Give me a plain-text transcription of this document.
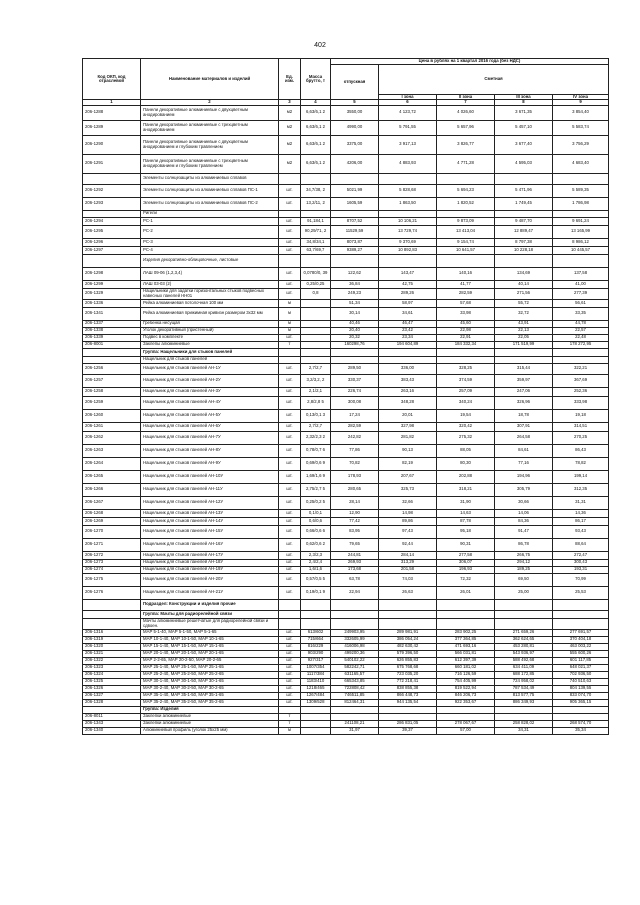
402
Код ОКП, код отраслевой	Наименование материалов и изделий	Ед. изм.	Масса брутто, т	Цена в рублях на 1 квартал 2016 года (без НДС)				
				отпускная	Сметная			
					I зона	II зона	III зона	IV зона
1	2	3	4	5	6	7	8	9
206-1288	Панели декоративные алюминиевые с двухцветным анодированием	м2	6,63/6,1 2	3550,00	4 123,72	4 026,60	3 671,35	3 854,40
206-1289	Панели декоративные алюминиевые с трехцветным анодированием	м2	6,63/6,1 2	4990,00	5 791,55	5 657,96	5 457,10	5 583,74
206-1290	Панели декоративные алюминиевые с двухцветным анодированием и глубоким травлением	м2	6,63/6,1 2	3375,00	3 917,13	3 826,77	3 677,40	3 756,29
206-1291	Панели декоративные алюминиевые с трехцветным анодированием и глубоким травлением	м2	6,63/6,1 2	4206,00	4 883,93	4 771,28	4 595,03	4 683,40
	Элементы солнцезащиты из алюминиевых сплавов							
206-1292	Элементы солнцезащиты из алюминиевых сплавов ПС-1	шт.	34,7/38, 2	5021,99	5 828,68	5 694,23	5 471,96	5 589,35
206-1293	Элементы солнцезащиты из алюминиевых сплавов ПС-2	шт.	13,2/11, 2	1605,59	1 863,50	1 820,52	1 749,45	1 786,98
	Ригели							
206-1294	РС-1	шт.	91,184,1	8707,52	10 106,21	9 873,09	9 487,70	9 691,24
206-1295	РС-2	шт.	90,29/71, 2	11529,59	13 729,74	13 413,04	12 889,47	13 165,99
206-1296	РС-3	шт.	34,8/34,1	8073,87	9 370,69	9 154,74	8 797,38	8 986,12
206-1297	РС-4	шт.	63,7/69,7	9389,27	10 892,83	10 641,57	10 228,18	10 445,57
	Изделия декоративно-облицовочные, листовые							
206-1298	ЛАШ 09-06 (1,2,3,4)	шт.	0,0780/0, 39	122,62	143,47	140,16	134,69	137,58
206-1299	ЛАШ 03-03 (2)	шт.	0,25/0,25	36,84	42,75	41,77	40,14	41,00
206-1329	Нащельники для задатки горизонтальных стыков подвесных навесных панелей НН01	шт.	0,8	249,23	289,26	282,59	271,56	277,39
206-1336	Рейка алюминиевая потолочная 100 мм	м		51,34	58,97	57,68	55,72	56,61
206-1341	Рейка алюминиевая прижимная кривизн размером 3х32 мм	м		30,14	34,61	33,98	32,72	33,35
206-1337	Гребенка несущая	м		40,46	46,47	45,60	43,91	44,78
206-1338	Уголок декоративный (пристенный)	м		20,40	23,42	22,98	22,13	22,57
206-1339	Подвес в комплекте	шт.		20,32	23,34	22,91	22,05	22,48
206-8001	Заклепы алюминиевые	т		160298,76	194 604,89	184 332,34	171 519,99	178 272,95
	Группа: Нащельники для стыков панелей							
	Нащельник для стыков панелей							
206-1256	Нащельник для стыков панелей АН-1У	шт.	2,7/2,7	289,50	336,00	328,25	315,44	322,21
206-1257	Нащельник для стыков панелей АН-2У	шт.	3,2/3,2, 2	330,37	383,43	374,59	359,97	367,69
206-1258	Нащельник для стыков панелей АН-3У	шт.	2,1/2,1	226,74	263,16	257,09	247,06	252,36
206-1259	Нащельник для стыков панелей АН-4У	шт.	2,8/2,8 5	300,08	348,28	340,24	326,96	333,98
206-1260	Нащельник для стыков панелей АН-5У	шт.	0,13/0,1 3	17,24	20,01	19,54	18,78	19,18
206-1261	Нащельник для стыков панелей АН-6У	шт.	2,7/2,7	282,59	327,98	320,42	307,91	314,51
206-1262	Нащельник для стыков панелей АН-7У	шт.	2,32/2,3 2	242,82	281,82	275,32	264,58	270,25
206-1263	Нащельник для стыков панелей АН-8У	шт.	0,78/0,7 6	77,86	90,13	88,05	84,61	86,43
206-1264	Нащельник для стыков панелей АН-9У	шт.	0,69/0,6 9	70,82	82,19	80,30	77,16	78,82
206-1265	Нащельник для стыков панелей АН-10У	шт.	1,69/1,6 9	178,93	207,67	202,88	194,96	199,14
206-1266	Нащельник для стыков панелей АН-11У	шт.	2,75/2,7 5	280,65	325,73	318,21	305,79	312,35
206-1267	Нащельник для стыков панелей АН-12У	шт.	0,25/0,2 5	28,14	32,66	31,90	30,66	31,31
206-1268	Нащельник для стыков панелей АН-13У	шт.	0,1/0,1	12,90	14,98	14,63	14,06	14,36
206-1269	Нащельник для стыков панелей АН-14У	шт.	0,6/0,6	77,42	89,86	87,78	84,36	86,17
206-1270	Нащельник для стыков панелей АН-15У	шт.	0,66/0,6 6	83,95	97,43	95,18	91,47	93,43
206-1271	Нащельник для стыков панелей АН-16У	шт.	0,62/0,6 2	79,65	92,44	90,31	86,78	88,64
206-1272	Нащельник для стыков панелей АН-17У	шт.	2,3/2,3	244,81	284,14	277,58	266,75	272,47
206-1273	Нащельник для стыков панелей АН-18У	шт.	2,4/2,4	269,93	313,29	306,07	294,12	300,43
206-1274	Нащельник для стыков панелей АН-19У	шт.	1,6/1,6	173,68	201,58	196,93	189,25	193,31
206-1275	Нащельник для стыков панелей АН-20У	шт.	0,57/0,5 5	63,78	74,03	72,32	69,50	70,99
206-1276	Нащельник для стыков панелей АН-21У	шт.	0,19/0,1 9	22,94	26,63	26,01	25,00	25,53
	Подраздел: Конструкции и изделия прочие							
	Группа: Мачты для радиорелейной связи							
	Мачты алюминиевые решетчатые для радиорелейной связи и сдвоен.							
206-1316	МАР 5-1-40, МАР 5-1-50, МАР 5-1-65	шт.	613/602	249903,95	289 981,91	283 902,25	271 659,26	277 691,57
206-1319	МАР 10-1-40, МАР 10-1-50, МАР 10-1-65	шт.	715/664	332605,99	386 054,24	377 364,85	362 624,65	370 404,18
206-1320	МАР 15-1-40, МАР 15-1-50, МАР 15-1-65	шт.	816/229	416006,98	482 630,42	471 693,16	453 280,81	463 003,22
206-1321	МАР 20-1-40, МАР 20-1-50, МАР 20-1-65	шт.	903/290	499200,36	579 396,50	566 031,81	543 936,97	555 600,26
206-1322	МАР 2-2-65, МАР 20-2-50, МАР 20-2-65	шт.	927/317	540102,22	626 855,83	612 397,39	588 492,68	601 117,85
206-1323	МАР 25-1-40, МАР 25-1-50, МАР 25-1-65	шт.	1007/354	582242,71	675 768,68	660 181,02	634 411,09	648 021,37
206-1324	МАР 25-2-40, МАР 25-2-50, МАР 25-2-65	шт.	1117/384	631165,57	723 035,20	716 126,59	688 172,85	702 936,50
206-1325	МАР 30-1-40, МАР 30-1-50, МАР 30-1-65	шт.	1183/410	665343,85	772 218,41	754 405,99	724 958,02	740 510,63
206-1326	МАР 30-2-40, МАР 30-2-50, МАР 30-2-65	шт.	1218/465	722808,42	838 855,38	819 522,94	787 534,49	804 139,55
206-1327	МАР 35-1-40, МАР 35-1-50, МАР 35-1-65	шт.	1267/484	746511,85	866 448,73	846 206,73	813 577,75	833 074,70
206-1328	МАР 35-2-40, МАР 35-2-50, МАР 35-2-65	шт.	1309/528	812464,31	944 135,54	922 353,67	886 349,93	905 365,15
	Группа: Изделия							
206-8011	Заклепки алюминиевые	т						
206-1343	Заклепки алюминиевые	т		241108,21	286 831,05	278 067,67	258 828,02	268 574,70
206-1340	Алюминиевый профиль (уголок 25х25 мм)	м		31,97	39,37	57,00	34,31	35,34
